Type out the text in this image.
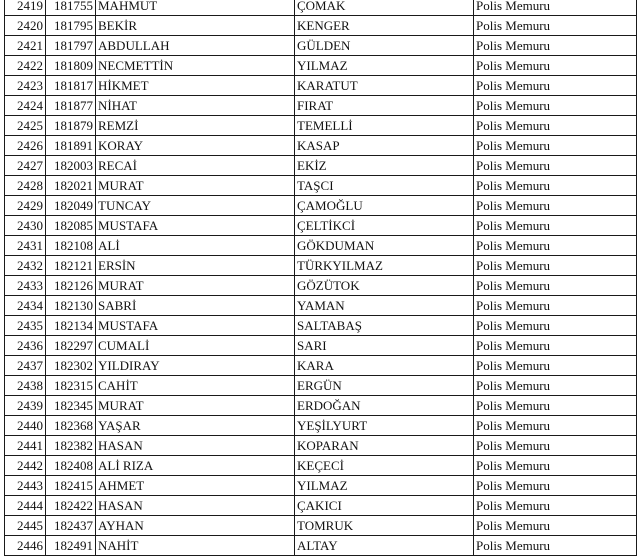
2419	181755	MAHMUT	ÇOMAK	Polis Memuru
2420	181795	BEKİR	KENGER	Polis Memuru
2421	181797	ABDULLAH	GÜLDEN	Polis Memuru
2422	181809	NECMETTİN	YILMAZ	Polis Memuru
2423	181817	HİKMET	KARATUT	Polis Memuru
2424	181877	NİHAT	FIRAT	Polis Memuru
2425	181879	REMZİ	TEMELLİ	Polis Memuru
2426	181891	KORAY	KASAP	Polis Memuru
2427	182003	RECAİ	EKİZ	Polis Memuru
2428	182021	MURAT	TAŞCI	Polis Memuru
2429	182049	TUNCAY	ÇAMOĞLU	Polis Memuru
2430	182085	MUSTAFA	ÇELTİKCİ	Polis Memuru
2431	182108	ALİ	GÖKDUMAN	Polis Memuru
2432	182121	ERSİN	TÜRKYILMAZ	Polis Memuru
2433	182126	MURAT	GÖZÜTOK	Polis Memuru
2434	182130	SABRİ	YAMAN	Polis Memuru
2435	182134	MUSTAFA	SALTABAŞ	Polis Memuru
2436	182297	CUMALİ	SARI	Polis Memuru
2437	182302	YILDIRAY	KARA	Polis Memuru
2438	182315	CAHİT	ERGÜN	Polis Memuru
2439	182345	MURAT	ERDOĞAN	Polis Memuru
2440	182368	YAŞAR	YEŞİLYURT	Polis Memuru
2441	182382	HASAN	KOPARAN	Polis Memuru
2442	182408	ALİ RIZA	KEÇECİ	Polis Memuru
2443	182415	AHMET	YILMAZ	Polis Memuru
2444	182422	HASAN	ÇAKICI	Polis Memuru
2445	182437	AYHAN	TOMRUK	Polis Memuru
2446	182491	NAHİT	ALTAY	Polis Memuru
